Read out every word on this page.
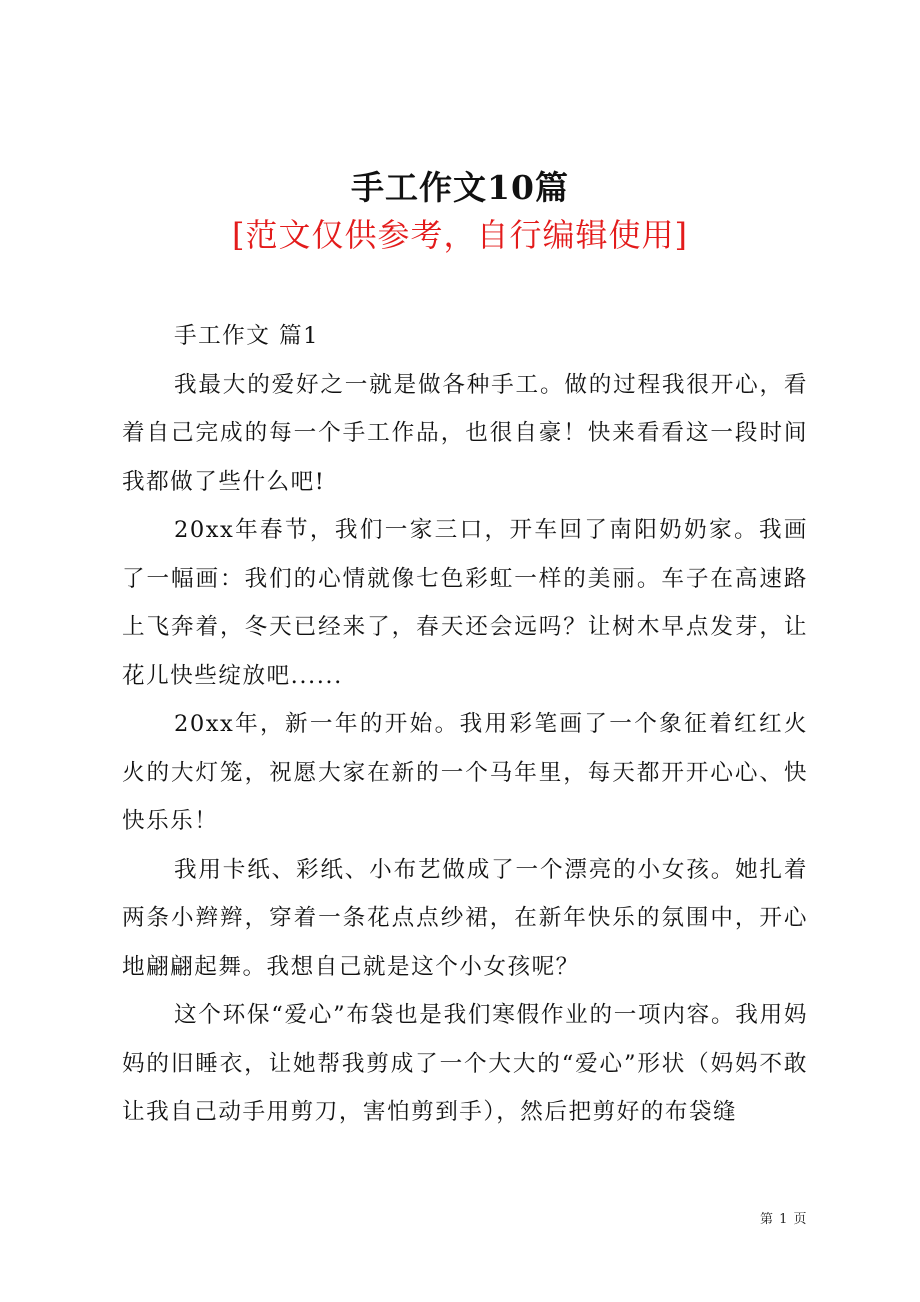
手工作文10篇
[范文仅供参考，自行编辑使用]

手工作文 篇1

我最大的爱好之一就是做各种手工。做的过程我很开心，看着自己完成的每一个手工作品，也很自豪！快来看看这一段时间我都做了些什么吧!

20xx年春节，我们一家三口，开车回了南阳奶奶家。我画了一幅画：我们的心情就像七色彩虹一样的美丽。车子在高速路上飞奔着，冬天已经来了，春天还会远吗？让树木早点发芽，让花儿快些绽放吧......

20xx年，新一年的开始。我用彩笔画了一个象征着红红火火的大灯笼，祝愿大家在新的一个马年里，每天都开开心心、快快乐乐！

我用卡纸、彩纸、小布艺做成了一个漂亮的小女孩。她扎着两条小辫辫，穿着一条花点点纱裙，在新年快乐的氛围中，开心地翩翩起舞。我想自己就是这个小女孩呢？

这个环保“爱心”布袋也是我们寒假作业的一项内容。我用妈妈的旧睡衣，让她帮我剪成了一个大大的“爱心”形状（妈妈不敢让我自己动手用剪刀，害怕剪到手），然后把剪好的布袋缝

第 1 页
